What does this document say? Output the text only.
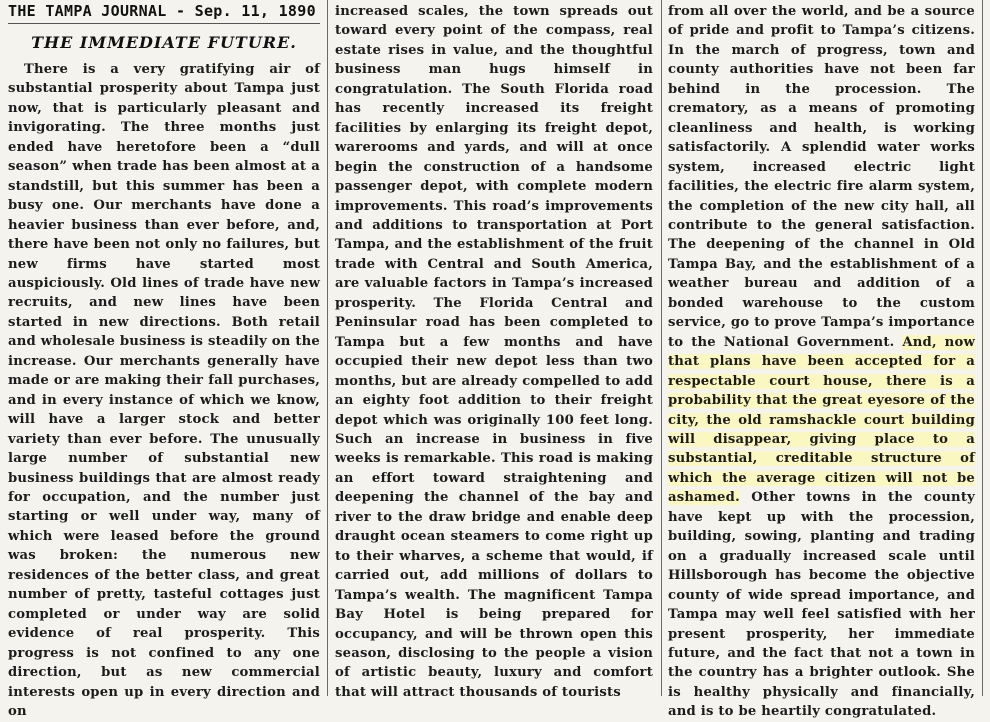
THE TAMPA JOURNAL - Sep. 11, 1890
THE IMMEDIATE FUTURE.

There is a very gratifying air of substantial prosperity about Tampa just now, that is particularly pleasant and invigorating. The three months just ended have heretofore been a “dull season” when trade has been almost at a standstill, but this summer has been a busy one. Our merchants have done a heavier business than ever before, and, there have been not only no failures, but new firms have started most auspiciously. Old lines of trade have new recruits, and new lines have been started in new directions. Both retail and wholesale business is steadily on the increase. Our merchants generally have made or are making their fall purchases, and in every instance of which we know, will have a larger stock and better variety than ever before. The unusually large number of substantial new business buildings that are almost ready for occupation, and the number just starting or well under way, many of which were leased before the ground was broken: the numerous new residences of the better class, and great number of pretty, tasteful cottages just completed or under way are solid evidence of real prosperity. This progress is not confined to any one direction, but as new commercial interests open up in every direction and on

increased scales, the town spreads out toward every point of the compass, real estate rises in value, and the thoughtful business man hugs himself in congratulation. The South Florida road has recently increased its freight facilities by enlarging its freight depot, warerooms and yards, and will at once begin the construction of a handsome passenger depot, with complete modern improvements. This road’s improvements and additions to transportation at Port Tampa, and the establishment of the fruit trade with Central and South America, are valuable factors in Tampa’s increased prosperity. The Florida Central and Peninsular road has been completed to Tampa but a few months and have occupied their new depot less than two months, but are already compelled to add an eighty foot addition to their freight depot which was originally 100 feet long. Such an increase in business in five weeks is remarkable. This road is making an effort toward straightening and deepening the channel of the bay and river to the draw bridge and enable deep draught ocean steamers to come right up to their wharves, a scheme that would, if carried out, add millions of dollars to Tampa’s wealth. The magnificent Tampa Bay Hotel is being prepared for occupancy, and will be thrown open this season, disclosing to the people a vision of artistic beauty, luxury and comfort that will attract thousands of tourists

from all over the world, and be a source of pride and profit to Tampa’s citizens. In the march of progress, town and county authorities have not been far behind in the procession. The crematory, as a means of promoting cleanliness and health, is working satisfactorily. A splendid water works system, increased electric light facilities, the electric fire alarm system, the completion of the new city hall, all contribute to the general satisfaction. The deepening of the channel in Old Tampa Bay, and the establishment of a weather bureau and addition of a bonded warehouse to the custom service, go to prove Tampa’s importance to the National Government. And, now that plans have been accepted for a respectable court house, there is a probability that the great eyesore of the city, the old ramshackle court building will disappear, giving place to a substantial, creditable structure of which the average citizen will not be ashamed. Other towns in the county have kept up with the procession, building, sowing, planting and trading on a gradually increased scale until Hillsborough has become the objective county of wide spread importance, and Tampa may well feel satisfied with her present prosperity, her immediate future, and the fact that not a town in the country has a brighter outlook. She is healthy physically and financially, and is to be heartily congratulated.
